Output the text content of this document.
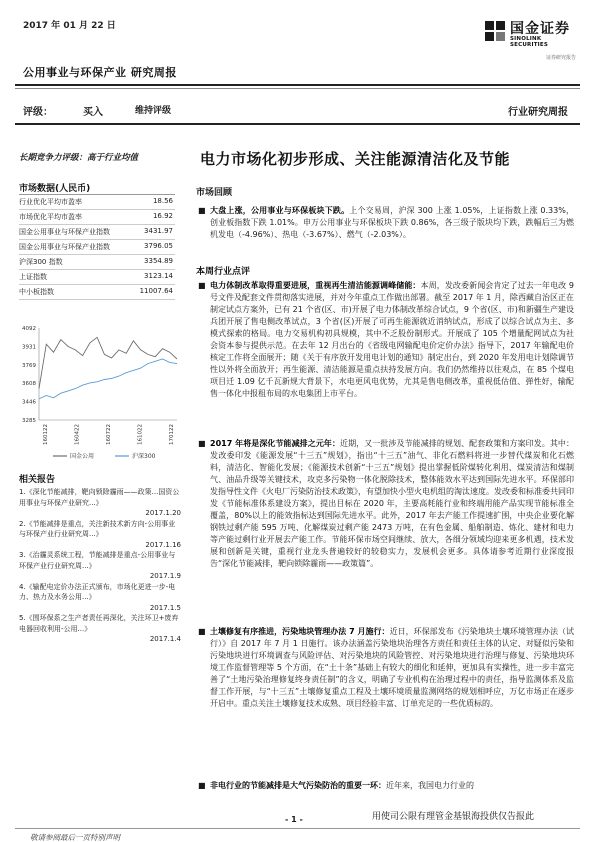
2017 年 01 月 22 日
公用事业与环保产业 研究周报
国金证券
SINOLINK SECURITIES
证券研究报告
评级：	买入	维持评级	行业研究周报
长期竞争力评级：高于行业均值
市场数据(人民币)
行业优化平均市盈率	18.56
市场优化平均市盈率	16.92
国金公用事业与环保产业指数	3431.97
国金公用事业与环保产业指数	3796.05
沪深300 指数	3354.89
上证指数	3123.14
中小板指数	11007.64
3285
3446
3608
3769
3931
4092
160122	160422	160722	161022	170122
国金公用	沪深300
相关报告
1.《深化节能减排，靶向锁除霾雨——政策...国资公用事业与环保产业研究...》
2017.1.20
2.《节能减排是重点，关注新技术新方向-公用事业与环保产业行业研究周...》
2017.1.16
3.《治霾灵系统工程，节能减排是重点-公用事业与环保产业行业研究周...》
2017.1.9
4.《输配电定价办法正式颁布，市场化更进一步-电力、热力及水务公用...》
2017.1.5
5.《围环保系之生产者责任再深化，关注环卫+废弃电器回收利用-公用...》
2017.1.4
电力市场化初步形成、关注能源清洁化及节能
市场回顾
■ 大盘上涨，公用事业与环保板块下跌。上个交易周，沪深 300 上涨 1.05%，上证指数上涨 0.33%，创业板指数下跌 1.01%。申万公用事业与环保板块下跌 0.86%，各三级子版块均下跌，跌幅后三为燃机发电（-4.96%）、热电（-3.67%）、燃气（-2.03%）。
本周行业点评
■ 电力体制改革取得重要进展，重视再生清洁能源调峰储能：本周，发改委新闻会肯定了过去一年电改 9 号文件及配套文件贯彻落实进展，并对今年重点工作做出部署。截至 2017 年 1 月，除西藏自治区正在制定试点方案外，已有 21 个省(区、市)开展了电力体制改革综合试点，9 个省(区、市)和新疆生产建设兵团开展了售电侧改革试点，3 个省(区)开展了可再生能源就近消纳试点，形成了以综合试点为主、多模式探索的格局。电力交易机构初具规模，其中不乏股份制形式。开展成了 105 个增量配网试点为社会资本参与提供示范。在去年 12 月出台的《省级电网输配电价定价办法》指导下，2017 年输配电价核定工作将全面展开；随《关于有序放开发用电计划的通知》制定出台，到 2020 年发用电计划除调节性以外将全面放开；再生能源、清洁能源是重点扶持发展方向。我们仍然维持以往观点，在 85 个煤电项目迁 1.09 亿千瓦新规大背景下，水电更风电优势，尤其是售电侧改革，重视低估值、弹性好，输配售一体化中报租布局的水电集团上市平台。
■ 2017 年将是深化节能减排之元年：近期，又一批涉及节能减排的规划、配套政策和方案印发。其中：发改委印发《能源发展“十三五”规划》，指出“十三五”油气、非化石燃料将进一步替代煤炭和化石燃料，清洁化、智能化发展；《能源技术创新“十三五”规划》提出掌握低阶煤转化利用、煤炭清洁和煤制气、油品升级等关键技术，攻克多污染物一体化脱除技术，整体能效水平达到国际先进水平。环保部印发指导性文件《火电厂污染防治技术政策》，有望加快小型火电机组的淘汰速度。发改委和标准委共同印发《节能标准体系建设方案》，提出目标在 2020 年，主要高耗能行业和终端用能产品实现节能标准全覆盖，80%以上的能效指标达到国际先进水平。此外，2017 年去产能工作提速扩围，中央企业要化解钢铁过剩产能 595 万吨、化解煤炭过剩产能 2473 万吨，在有色金属、船舶制造、炼化、建材和电力等产能过剩行业开展去产能工作。节能环保市场空间继续、放大，各细分领域均迎来更多机遇，技术发展和创新是关键，重视行业龙头普遍较好的较稳实力，发展机会更多。具体请参考近期行业深度报告“深化节能减排，靶向锁除霾雨——政策篇”。
■ 土壤修复有序推进，污染地块管理办法 7 月施行：近日，环保部发布《污染地块土壤环境管理办法（试行）》自 2017 年 7 月 1 日施行。该办法涵盖污染地块治理各方责任和责任主体的认定、对疑似污染和污染地块进行环境调查与风险评估、对污染地块的风险管控、对污染地块进行治理与修复、污染地块环境工作监督管理等 5 个方面，在“土十条”基础上有较大的细化和延伸，更加具有实操性，进一步丰富完善了“土地污染治理修复终身责任制”的含义，明确了专业机构在治理过程中的责任，指导监测体系及监督工作开展，与“十三五”土壤修复重点工程及土壤环境质量监测网络的规划相呼应，万亿市场正在逐步开启中。重点关注土壤修复技术成熟、项目经验丰富、订单充足的一些优质标的。
■ 非电行业的节能减排是大气污染防治的重要一环：近年来，我国电力行业的
- 1 -	用使司公限有理管金基银海投供仅告报此
敬请参阅最后一页特别声明
